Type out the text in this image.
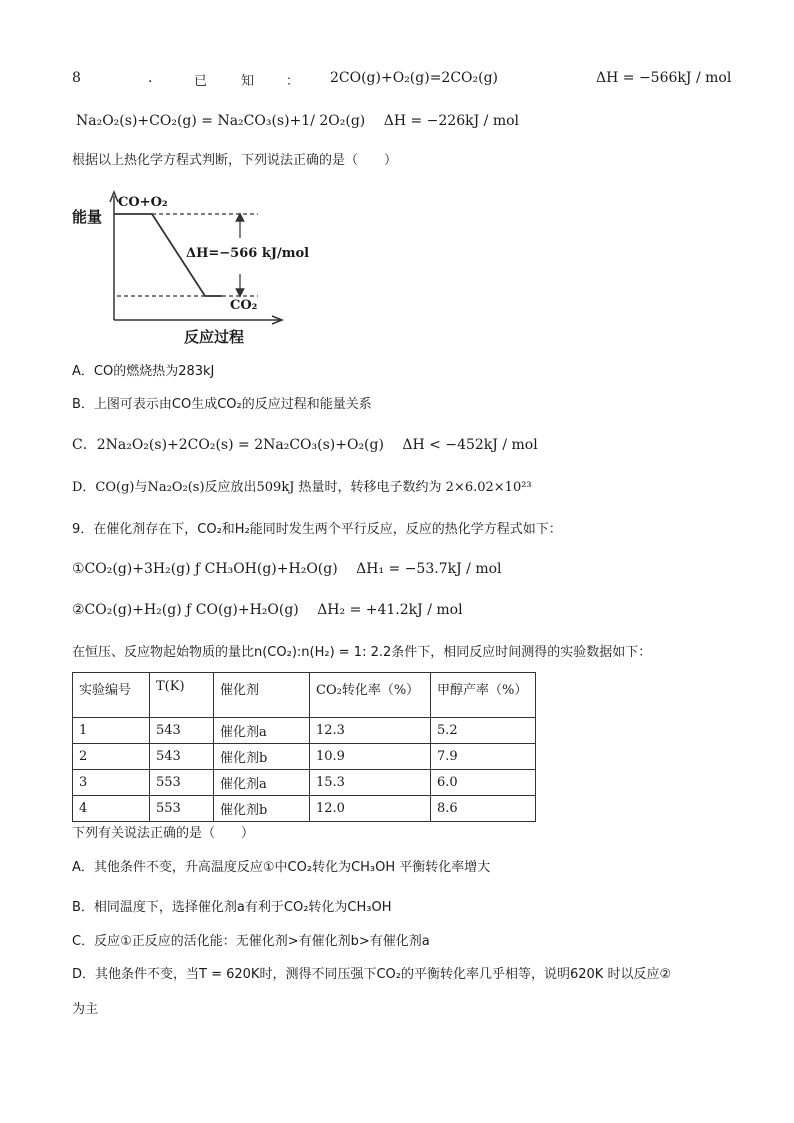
8	.	已	知 ： 2CO(g)+O₂(g)=2CO₂(g)	ΔH = −566kJ / mol
Na₂O₂(s)+CO₂(g) = Na₂CO₃(s)+1/ 2O₂(g) ΔH = −226kJ / mol
根据以上热化学方程式判断，下列说法正确的是（　　）
能量
CO+O₂
ΔH=−566 kJ/mol
CO₂
反应过程
A．CO的燃烧热为283kJ
B．上图可表示由CO生成CO₂的反应过程和能量关系
C．2Na₂O₂(s)+2CO₂(s) = 2Na₂CO₃(s)+O₂(g)　 ΔH < −452kJ / mol
D．CO(g)与Na₂O₂(s)反应放出509kJ 热量时，转移电子数约为 2×6.02×10²³
9．在催化剂存在下，CO₂和H₂能同时发生两个平行反应，反应的热化学方程式如下：
①CO₂(g)+3H₂(g) ƒ CH₃OH(g)+H₂O(g)　 ΔH₁ = −53.7kJ / mol
②CO₂(g)+H₂(g) ƒ CO(g)+H₂O(g)　 ΔH₂ = +41.2kJ / mol
在恒压、反应物起始物质的量比n(CO₂):n(H₂) = 1: 2.2条件下，相同反应时间测得的实验数据如下：
实验编号	T(K)	催化剂	CO₂转化率（%）	甲醇产率（%）
1	543	催化剂a	12.3	5.2
2	543	催化剂b	10.9	7.9
3	553	催化剂a	15.3	6.0
4	553	催化剂b	12.0	8.6
下列有关说法正确的是（　　）
A．其他条件不变，升高温度反应①中CO₂转化为CH₃OH 平衡转化率增大
B．相同温度下，选择催化剂a有利于CO₂转化为CH₃OH
C．反应①正反应的活化能：无催化剂>有催化剂b>有催化剂a
D．其他条件不变，当T = 620K时，测得不同压强下CO₂的平衡转化率几乎相等，说明620K 时以反应②
为主
